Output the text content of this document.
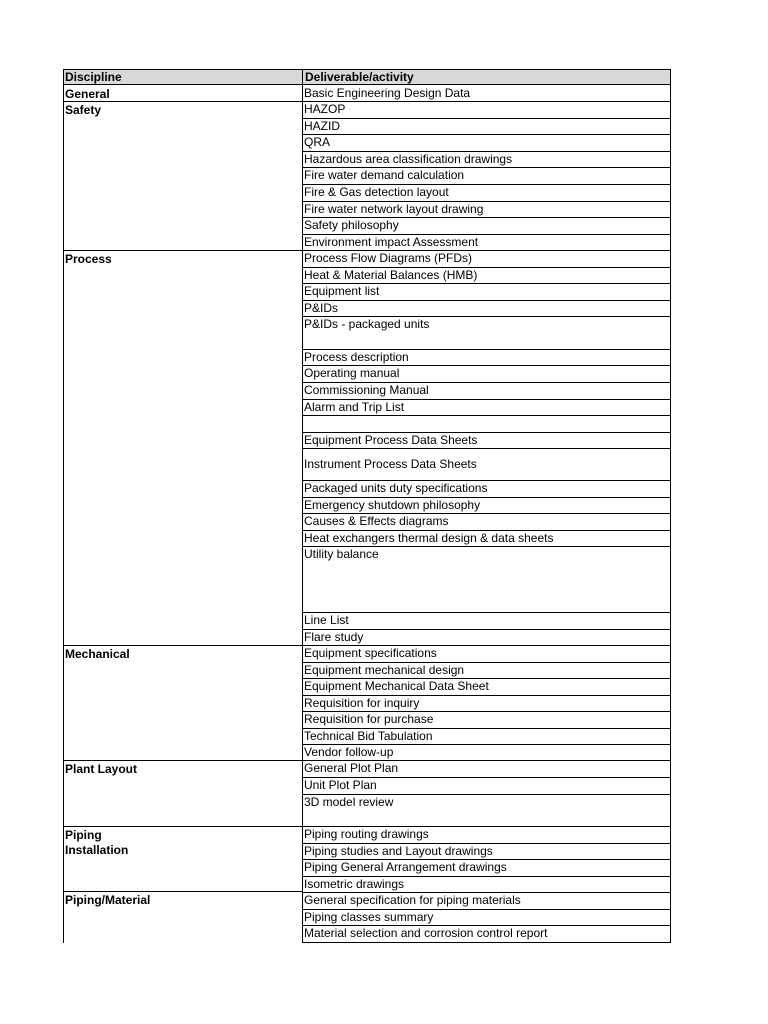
Discipline	Deliverable/activity
General
Safety
Process
Mechanical
Plant Layout
Piping
Installation
Piping/Material
Basic Engineering Design Data
HAZOP
HAZID
QRA
Hazardous area classification drawings
Fire water demand calculation
Fire & Gas detection layout
Fire water network layout drawing
Safety philosophy
Environment impact Assessment
Process Flow Diagrams (PFDs)
Heat & Material Balances (HMB)
Equipment list
P&IDs
P&IDs - packaged units
Process description
Operating manual
Commissioning Manual
Alarm and Trip List
Equipment Process Data Sheets
Instrument Process Data Sheets
Packaged units duty specifications
Emergency shutdown philosophy
Causes & Effects diagrams
Heat exchangers thermal design & data sheets
Utility balance
Line List
Flare study
Equipment specifications
Equipment mechanical design
Equipment Mechanical Data Sheet
Requisition for inquiry
Requisition for purchase
Technical Bid Tabulation
Vendor follow-up
General Plot Plan
Unit Plot Plan
3D model review
Piping routing drawings
Piping studies and Layout drawings
Piping General Arrangement drawings
Isometric drawings
General specification for piping materials
Piping classes summary
Material selection and corrosion control report
